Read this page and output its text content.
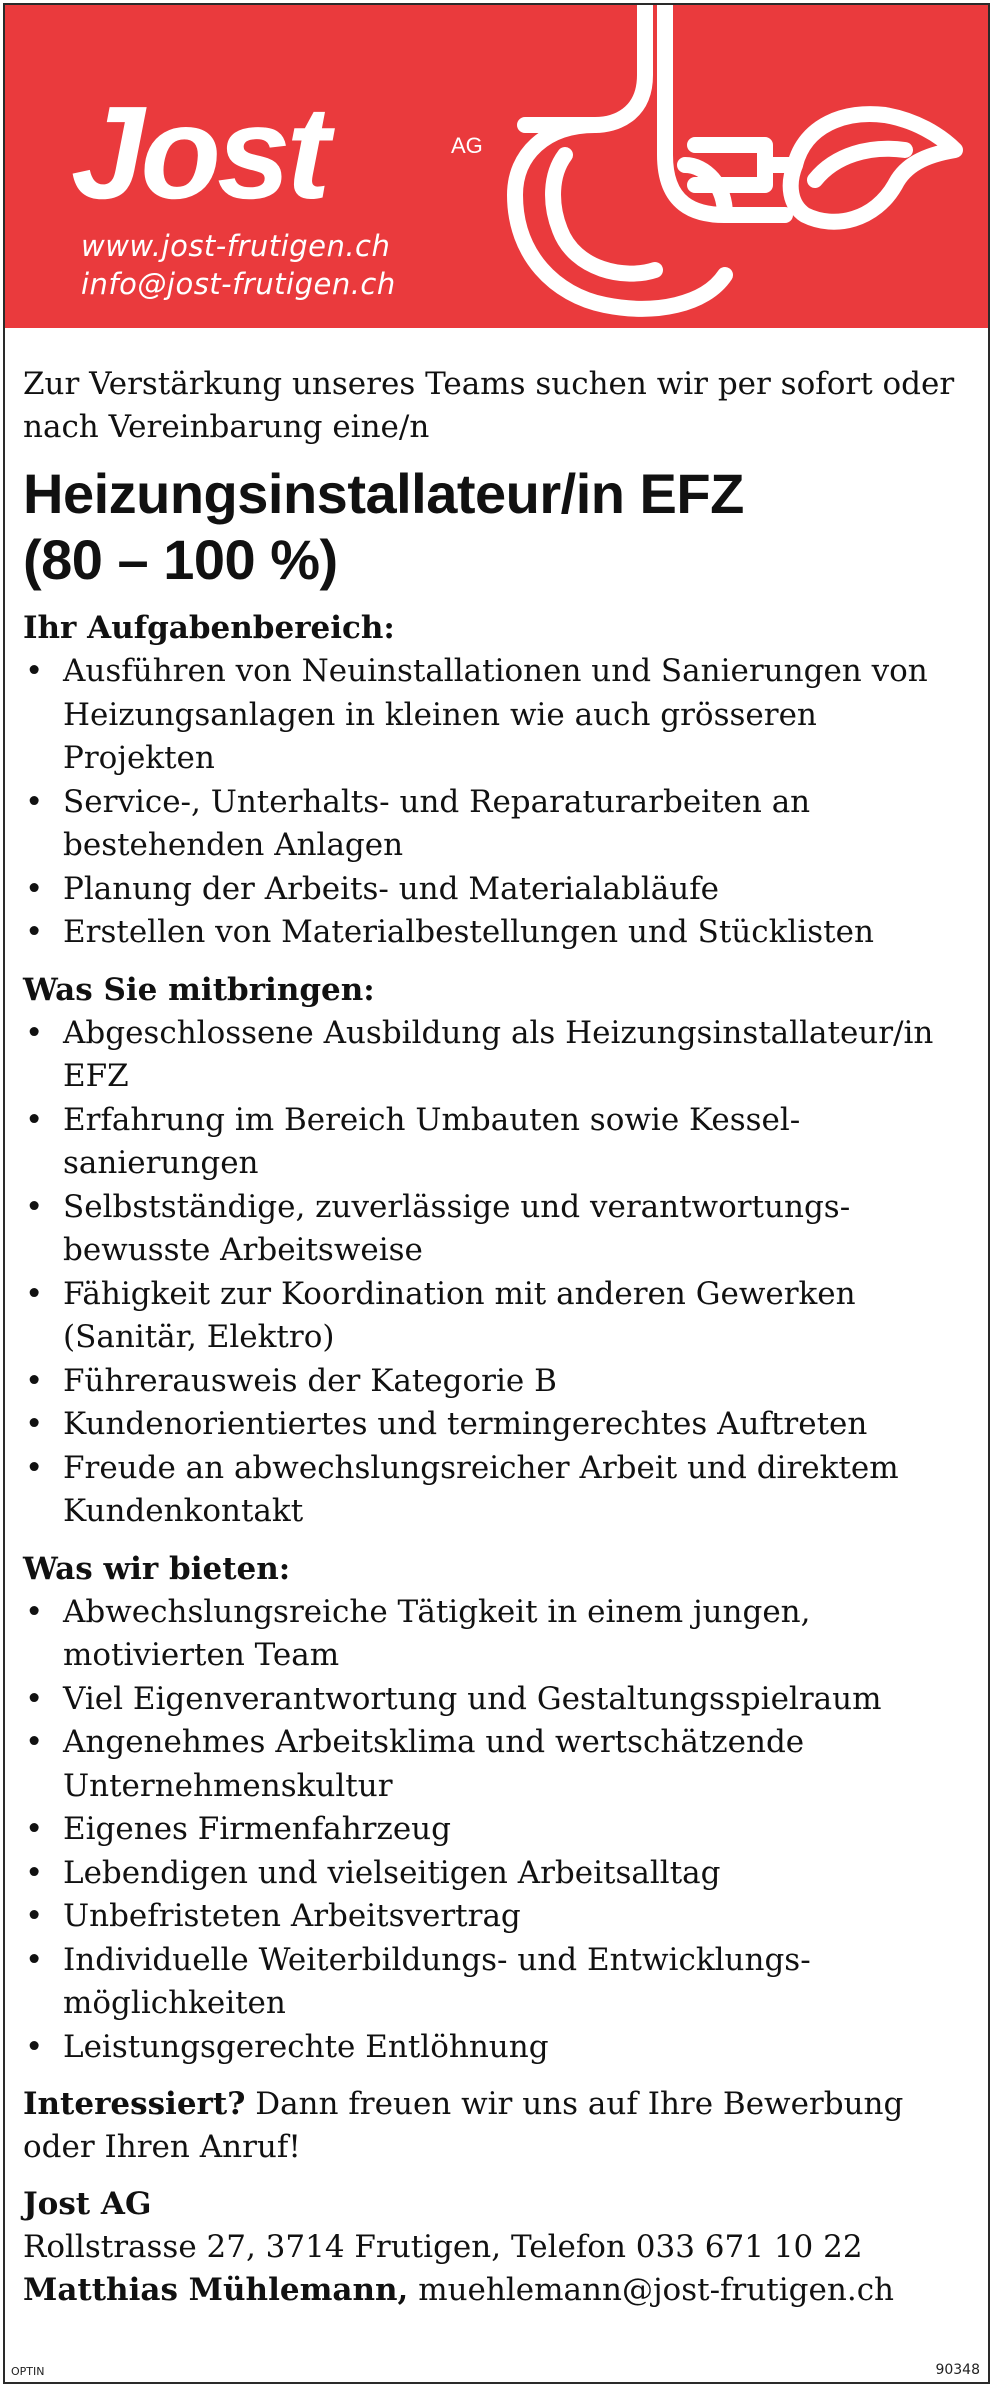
Jost	AG
www.jost-frutigen.ch
info@jost-frutigen.ch
Zur Verstärkung unseres Teams suchen wir per sofort oder nach Vereinbarung eine/n
Heizungsinstallateur/in EFZ
(80 – 100 %)
Ihr Aufgabenbereich:
• Ausführen von Neuinstallationen und Sanierungen von Heizungsanlagen in kleinen wie auch grösseren Projekten
• Service-, Unterhalts- und Reparaturarbeiten an bestehenden Anlagen
• Planung der Arbeits- und Materialabläufe
• Erstellen von Materialbestellungen und Stücklisten
Was Sie mitbringen:
• Abgeschlossene Ausbildung als Heizungsinstallateur/in EFZ
• Erfahrung im Bereich Umbauten sowie Kessel-sanierungen
• Selbstständige, zuverlässige und verantwortungs-bewusste Arbeitsweise
• Fähigkeit zur Koordination mit anderen Gewerken (Sanitär, Elektro)
• Führerausweis der Kategorie B
• Kundenorientiertes und termingerechtes Auftreten
• Freude an abwechslungsreicher Arbeit und direktem Kundenkontakt
Was wir bieten:
• Abwechslungsreiche Tätigkeit in einem jungen, motivierten Team
• Viel Eigenverantwortung und Gestaltungsspielraum
• Angenehmes Arbeitsklima und wertschätzende Unternehmenskultur
• Eigenes Firmenfahrzeug
• Lebendigen und vielseitigen Arbeitsalltag
• Unbefristeten Arbeitsvertrag
• Individuelle Weiterbildungs- und Entwicklungs-möglichkeiten
• Leistungsgerechte Entlöhnung
Interessiert? Dann freuen wir uns auf Ihre Bewerbung oder Ihren Anruf!
Jost AG
Rollstrasse 27, 3714 Frutigen, Telefon 033 671 10 22
Matthias Mühlemann, muehlemann@jost-frutigen.ch
OPTIN	90348
